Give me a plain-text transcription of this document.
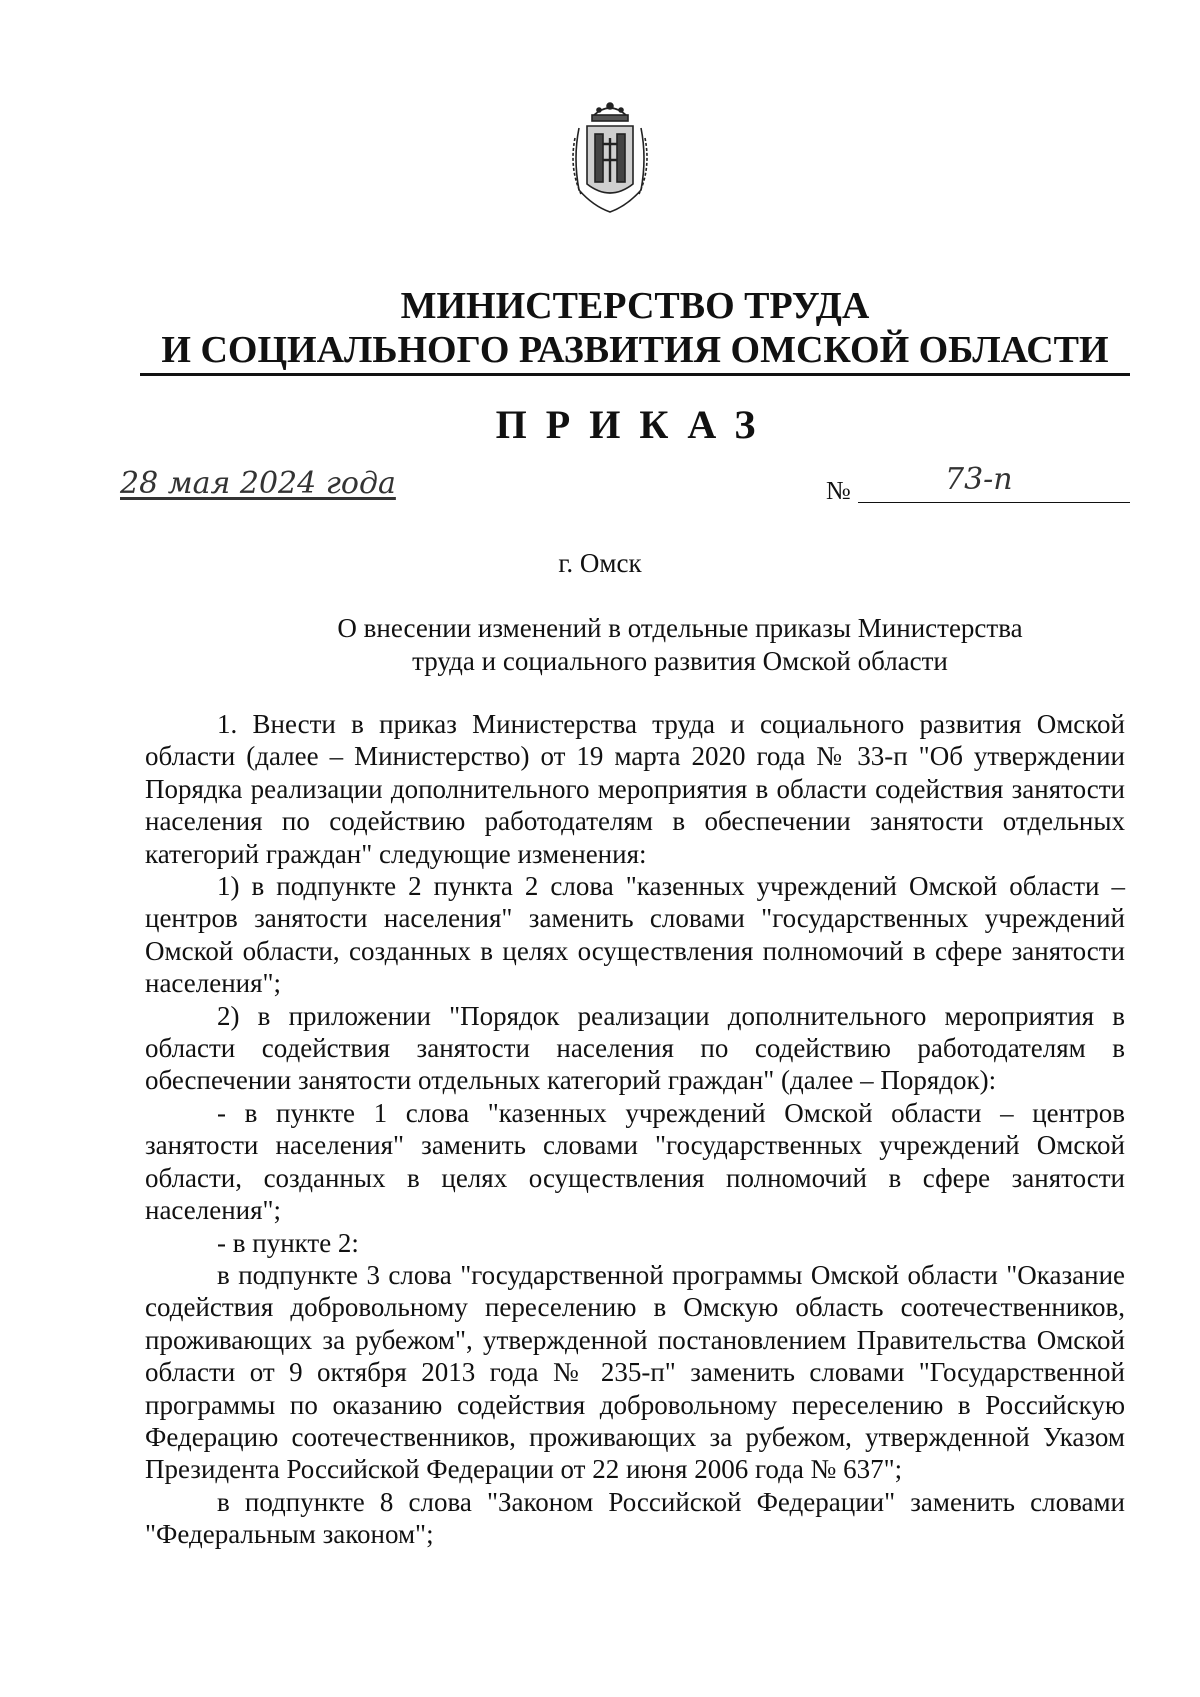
МИНИСТЕРСТВО ТРУДА
И СОЦИАЛЬНОГО РАЗВИТИЯ ОМСКОЙ ОБЛАСТИ
ПРИКАЗ
28 мая 2024 года	№	73-п
г. Омск
О внесении изменений в отдельные приказы Министерства
труда и социального развития Омской области

1. Внести в приказ Министерства труда и социального развития Омской области (далее – Министерство) от 19 марта 2020 года № 33-п "Об утверждении Порядка реализации дополнительного мероприятия в области содействия занятости населения по содействию работодателям в обеспечении занятости отдельных категорий граждан" следующие изменения:

1) в подпункте 2 пункта 2 слова "казенных учреждений Омской области – центров занятости населения" заменить словами "государственных учреждений Омской области, созданных в целях осуществления полномочий в сфере занятости населения";

2) в приложении "Порядок реализации дополнительного мероприятия в области содействия занятости населения по содействию работодателям в обеспечении занятости отдельных категорий граждан" (далее – Порядок):

- в пункте 1 слова "казенных учреждений Омской области – центров занятости населения" заменить словами "государственных учреждений Омской области, созданных в целях осуществления полномочий в сфере занятости населения";

- в пункте 2:

в подпункте 3 слова "государственной программы Омской области "Оказание содействия добровольному переселению в Омскую область соотечественников, проживающих за рубежом", утвержденной постановлением Правительства Омской области от 9 октября 2013 года № 235-п" заменить словами "Государственной программы по оказанию содействия добровольному переселению в Российскую Федерацию соотечественников, проживающих за рубежом, утвержденной Указом Президента Российской Федерации от 22 июня 2006 года № 637";

в подпункте 8 слова "Законом Российской Федерации" заменить словами "Федеральным законом";
